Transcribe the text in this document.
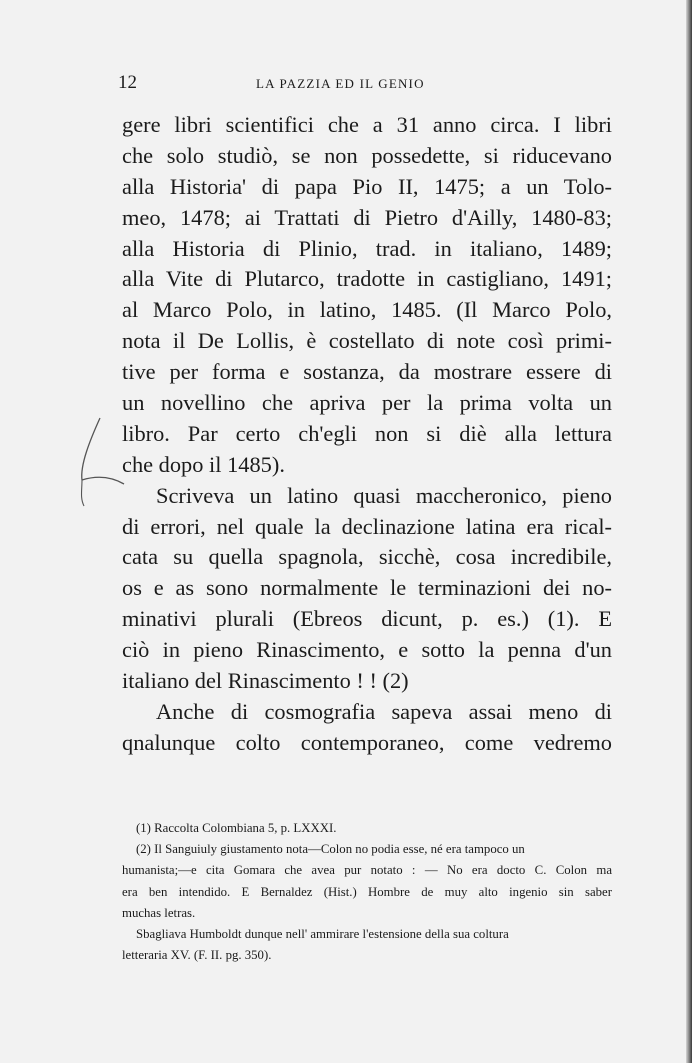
12	LA PAZZIA ED IL GENIO
gere libri scientifici che a 31 anno circa. I libri
che solo studiò, se non possedette, si riducevano
alla Historia' di papa Pio II, 1475; a un Tolo-
meo, 1478; ai Trattati di Pietro d'Ailly, 1480-83;
alla Historia di Plinio, trad. in italiano, 1489;
alla Vite di Plutarco, tradotte in castigliano, 1491;
al Marco Polo, in latino, 1485. (Il Marco Polo,
nota il De Lollis, è costellato di note così primi-
tive per forma e sostanza, da mostrare essere di
un novellino che apriva per la prima volta un
libro. Par certo ch'egli non si diè alla lettura
che dopo il 1485).
Scriveva un latino quasi maccheronico, pieno
di errori, nel quale la declinazione latina era rical-
cata su quella spagnola, sicchè, cosa incredibile,
os e as sono normalmente le terminazioni dei no-
minativi plurali (Ebreos dicunt, p. es.) (1). E
ciò in pieno Rinascimento, e sotto la penna d'un
italiano del Rinascimento ! ! (2)
Anche di cosmografia sapeva assai meno di
qnalunque colto contemporaneo, come vedremo
(1) Raccolta Colombiana 5, p. LXXXI.
(2) Il Sanguiuly giustamento nota—Colon no podia esse, né era tampoco un
humanista;—e cita Gomara che avea pur notato : — No era docto C. Colon ma
era ben intendido. E Bernaldez (Hist.) Hombre de muy alto ingenio sin saber
muchas letras.
Sbagliava Humboldt dunque nell' ammirare l'estensione della sua coltura
letteraria XV. (F. II. pg. 350).
